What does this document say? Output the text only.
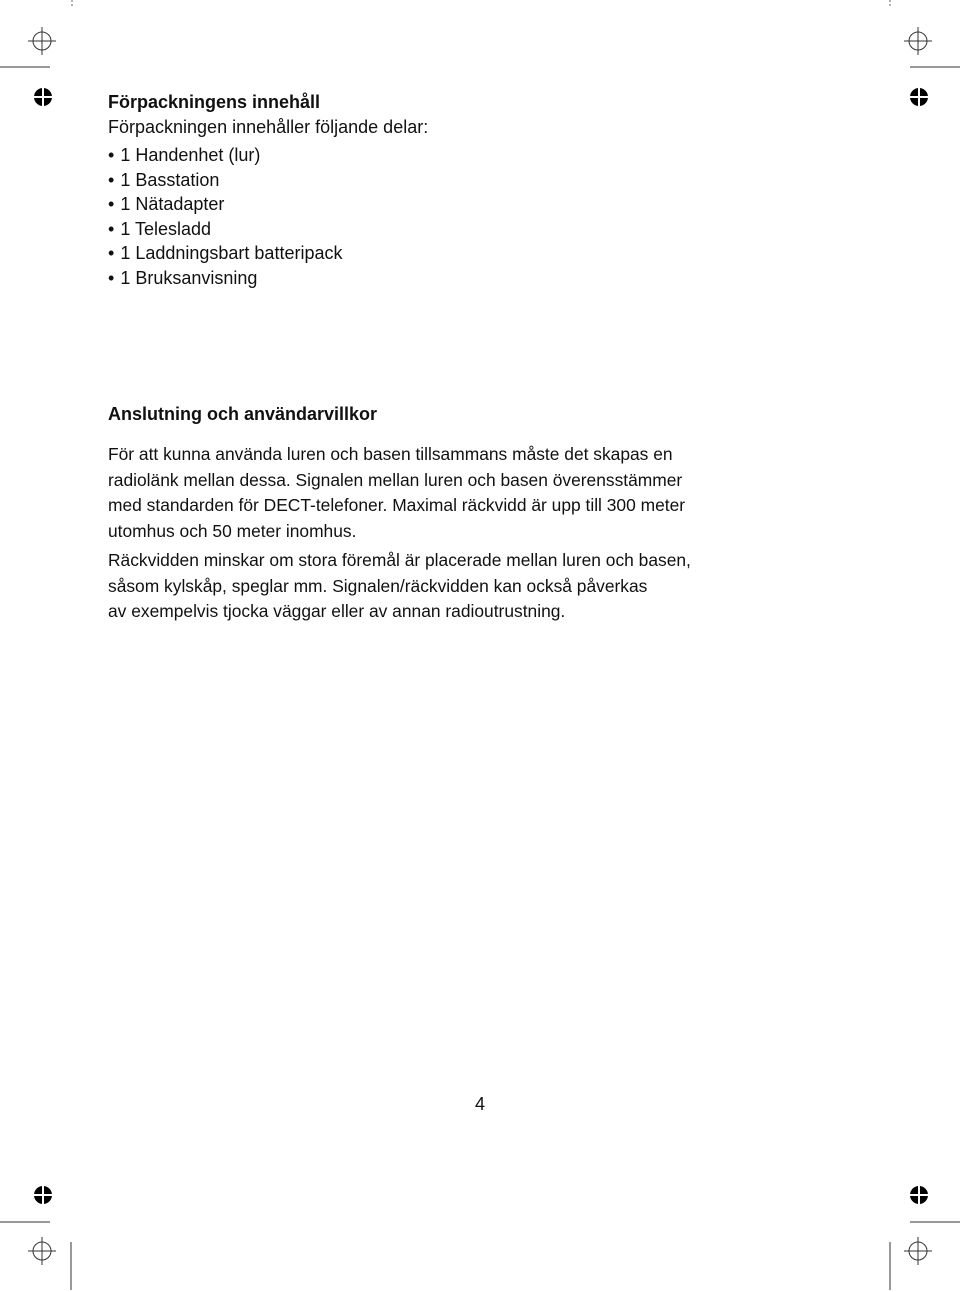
Förpackningens innehåll

Förpackningen innehåller följande delar:

• 1 Handenhet (lur)
• 1 Basstation
• 1 Nätadapter
• 1 Telesladd
• 1 Laddningsbart batteripack
• 1 Bruksanvisning
Anslutning och användarvillkor

För att kunna använda luren och basen tillsammans måste det skapas en
radiolänk mellan dessa. Signalen mellan luren och basen överensstämmer
med standarden för DECT-telefoner. Maximal räckvidd är upp till 300 meter
utomhus och 50 meter inomhus.

Räckvidden minskar om stora föremål är placerade mellan luren och basen,
såsom kylskåp, speglar mm. Signalen/räckvidden kan också påverkas
av exempelvis tjocka väggar eller av annan radioutrustning.

4
